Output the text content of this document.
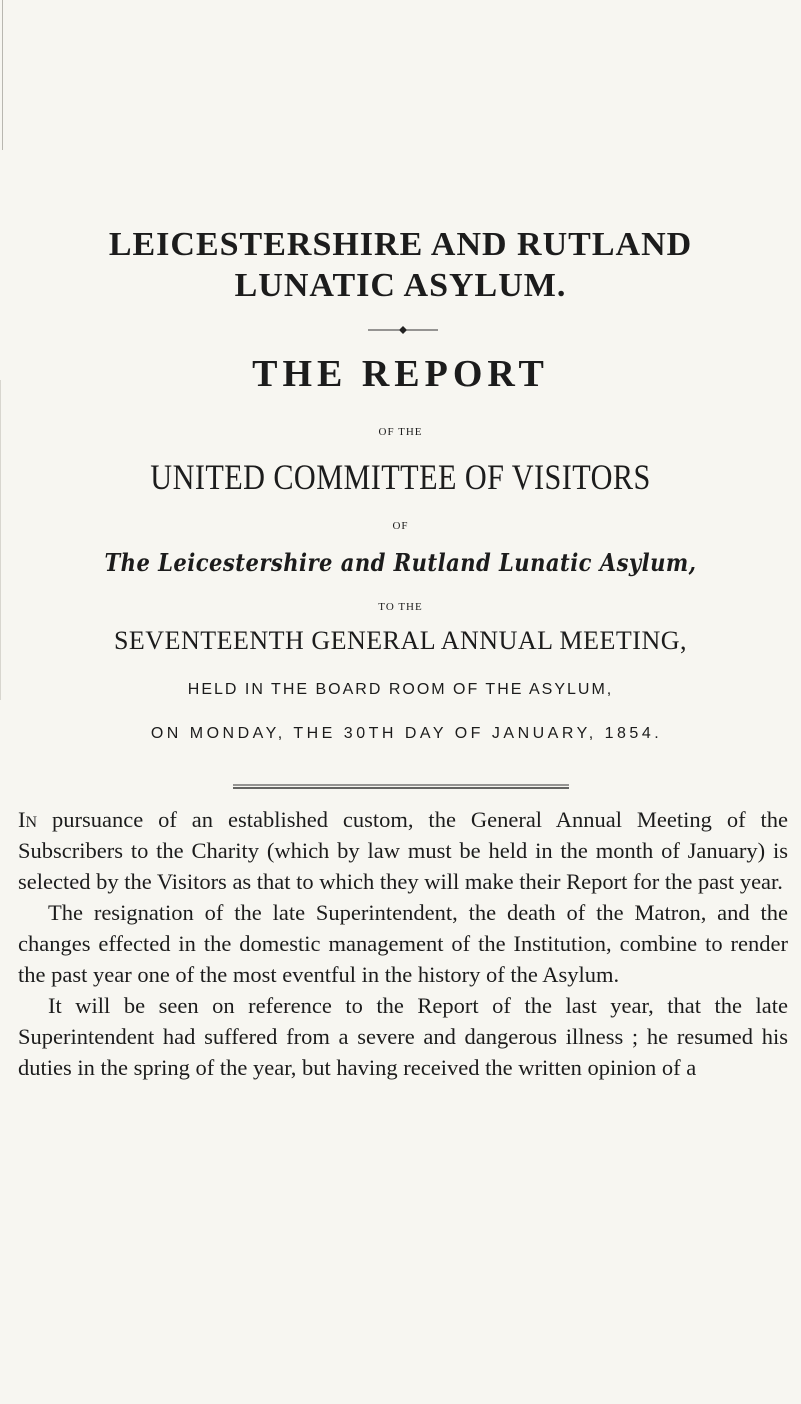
LEICESTERSHIRE AND RUTLAND
LUNATIC ASYLUM.
THE REPORT
OF THE
UNITED COMMITTEE OF VISITORS
OF
The Leicestershire and Rutland Lunatic Asylum,
TO THE
SEVENTEENTH GENERAL ANNUAL MEETING,
HELD IN THE BOARD ROOM OF THE ASYLUM,
ON MONDAY, THE 30TH DAY OF JANUARY, 1854.

In pursuance of an established custom, the General Annual Meeting of the Subscribers to the Charity (which by law must be held in the month of January) is selected by the Visitors as that to which they will make their Report for the past year.

The resignation of the late Superintendent, the death of the Matron, and the changes effected in the domestic management of the Institution, combine to render the past year one of the most eventful in the history of the Asylum.

It will be seen on reference to the Report of the last year, that the late Superintendent had suffered from a severe and dangerous illness ; he resumed his duties in the spring of the year, but having received the written opinion of a
